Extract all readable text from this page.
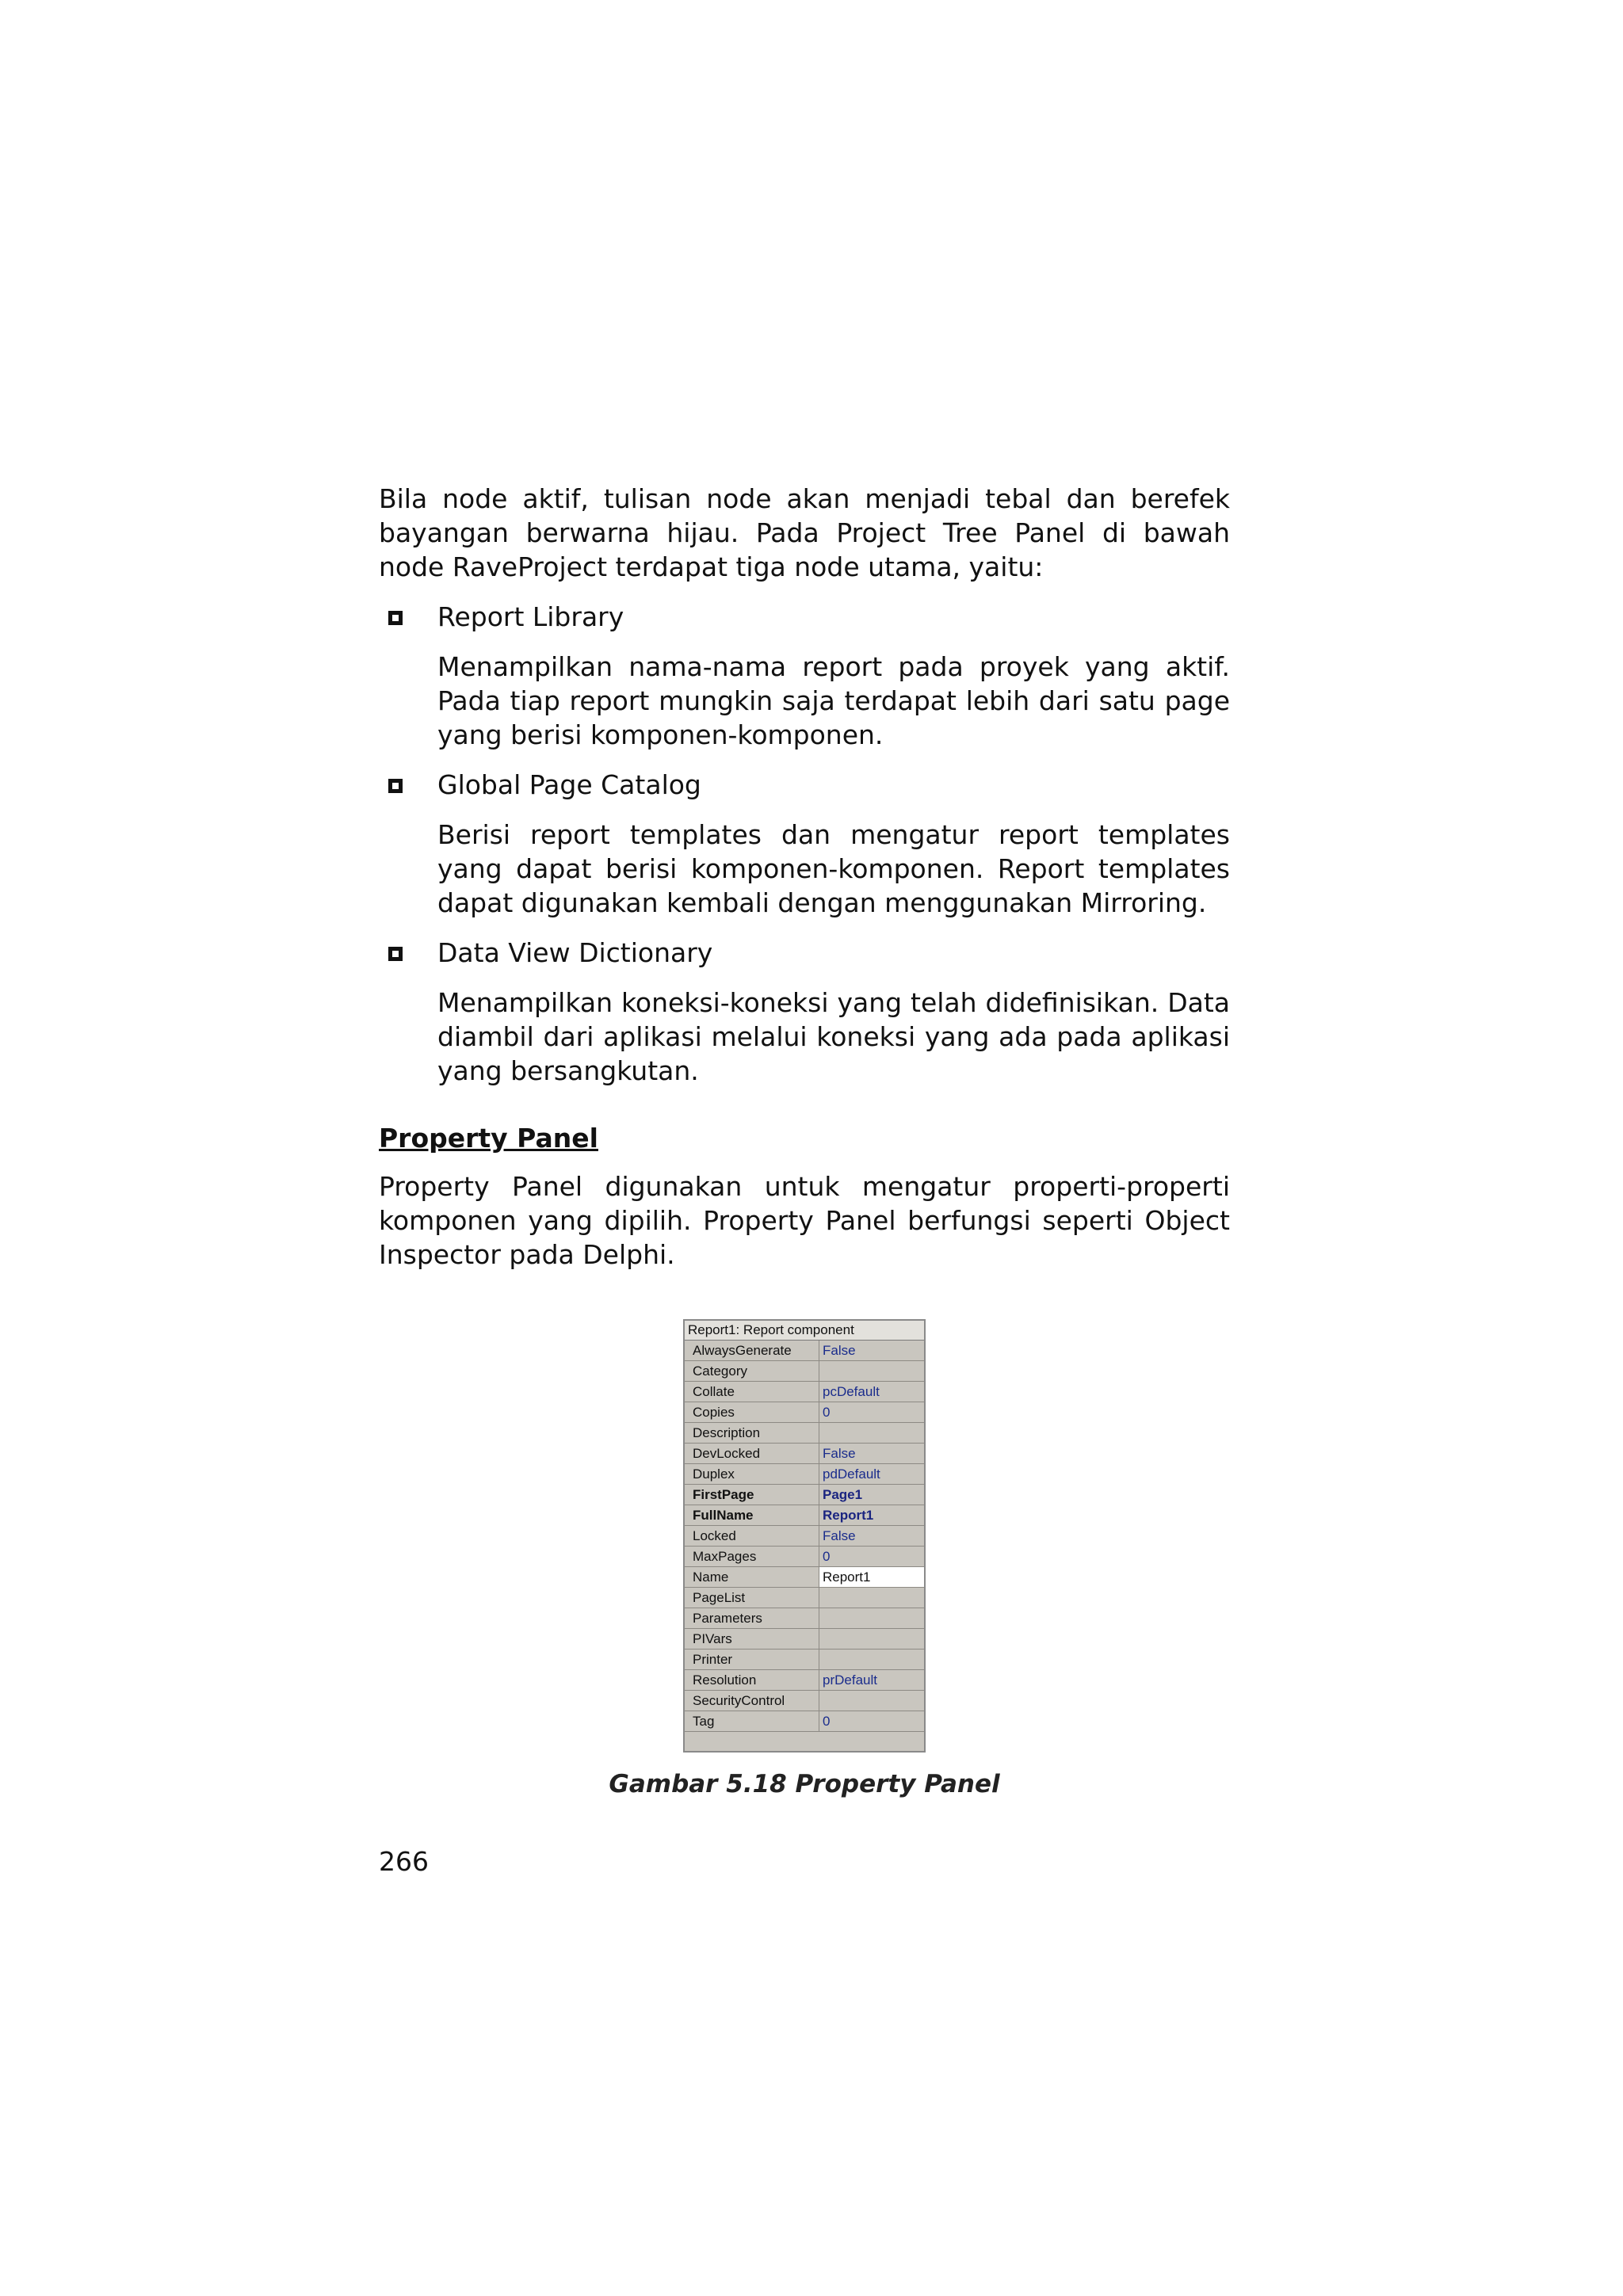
Bila node aktif, tulisan node akan menjadi tebal dan berefek bayangan berwarna hijau. Pada Project Tree Panel di bawah node RaveProject terdapat tiga node utama, yaitu:

Report Library

Menampilkan nama-nama report pada proyek yang aktif. Pada tiap report mungkin saja terdapat lebih dari satu page yang berisi komponen-komponen.

Global Page Catalog

Berisi report templates dan mengatur report templates yang dapat berisi komponen-komponen. Report templates dapat digunakan kembali dengan menggunakan Mirroring.

Data View Dictionary

Menampilkan koneksi-koneksi yang telah didefinisikan. Data diambil dari aplikasi melalui koneksi yang ada pada aplikasi yang bersangkutan.

Property Panel

Property Panel digunakan untuk mengatur properti-properti komponen yang dipilih. Property Panel berfungsi seperti Object Inspector pada Delphi.

Report1: Report component
AlwaysGenerate	False
Category
Collate	pcDefault
Copies	0
Description
DevLocked	False
Duplex	pdDefault
FirstPage	Page1
FullName	Report1
Locked	False
MaxPages	0
Name	Report1
PageList
Parameters
PIVars
Printer
Resolution	prDefault
SecurityControl
Tag	0
Gambar 5.18 Property Panel
266
